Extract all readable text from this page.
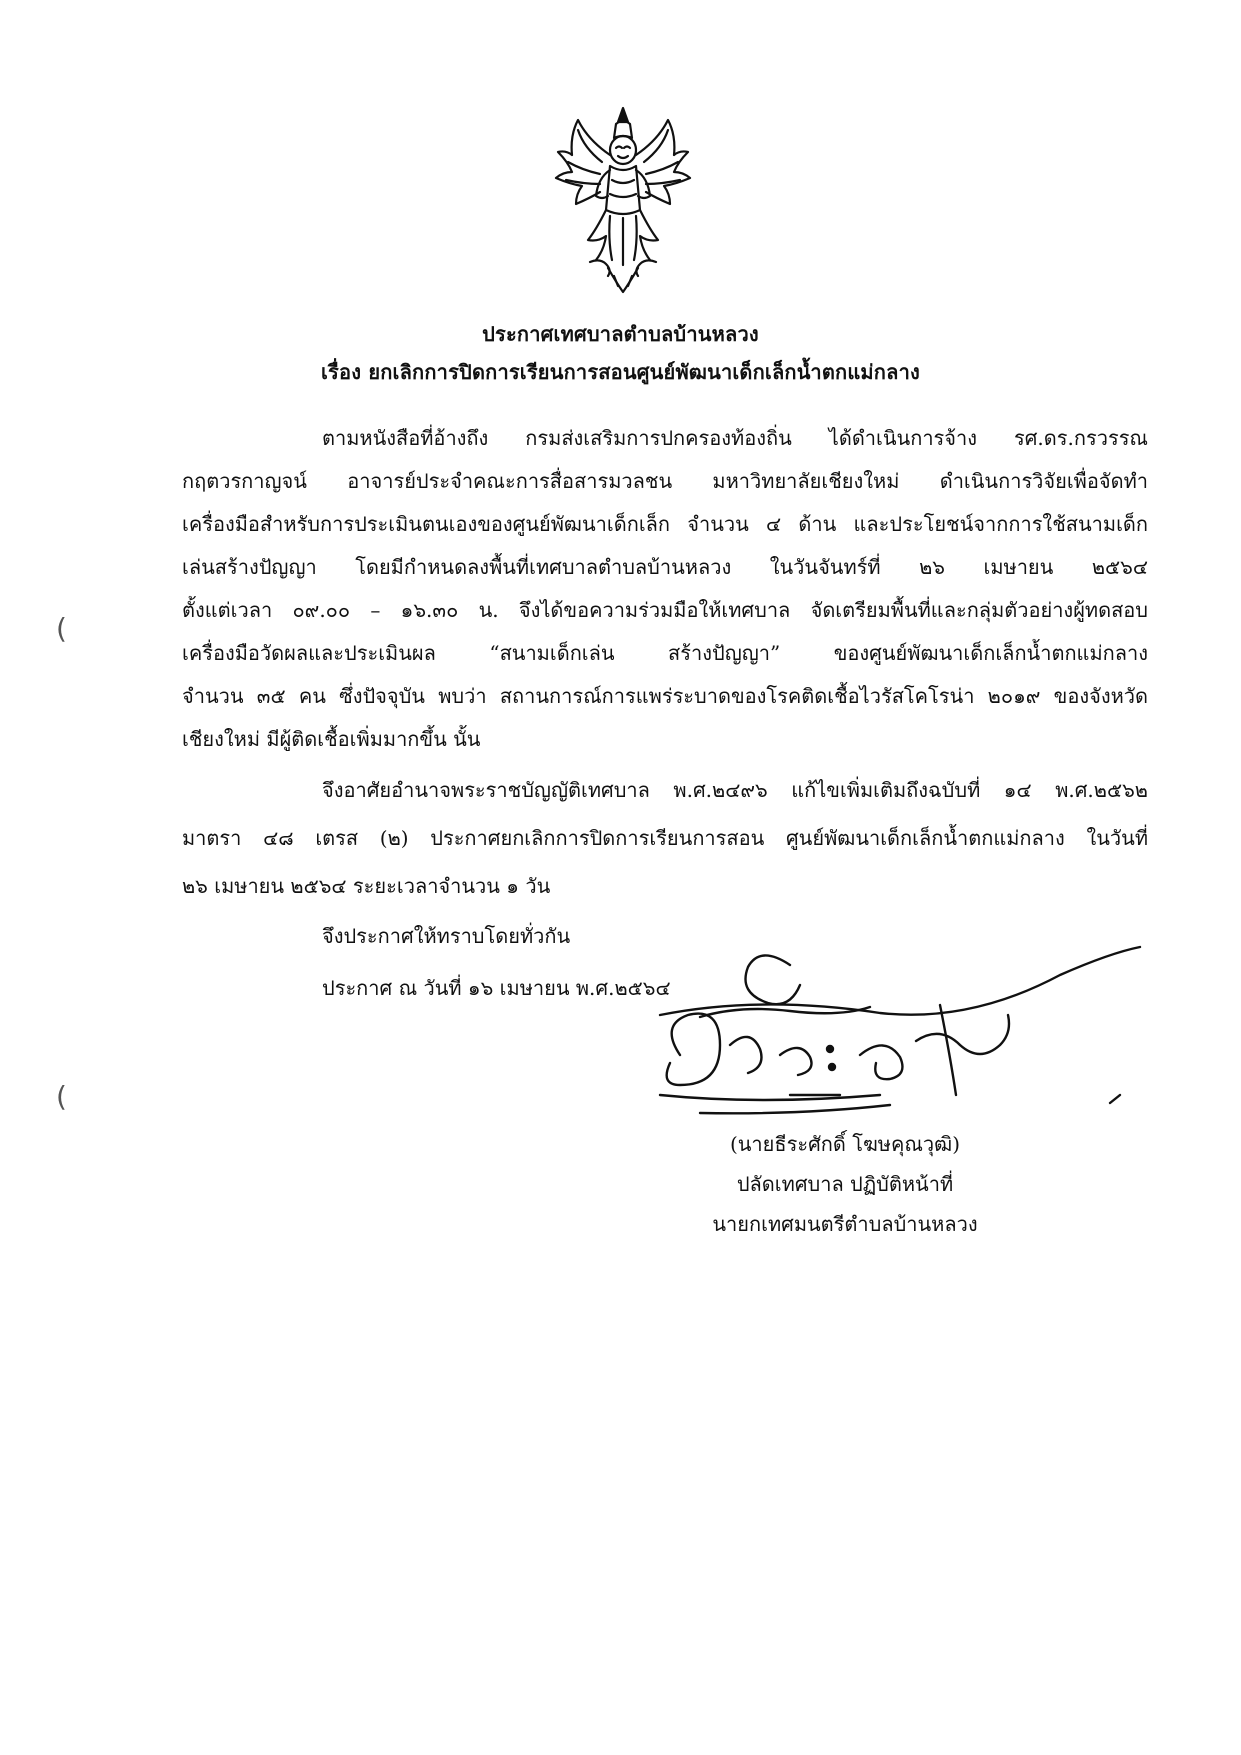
ประกาศเทศบาลตำบลบ้านหลวง
เรื่อง ยกเลิกการปิดการเรียนการสอนศูนย์พัฒนาเด็กเล็กน้ำตกแม่กลาง
ตามหนังสือที่อ้างถึง กรมส่งเสริมการปกครองท้องถิ่น ได้ดำเนินการจ้าง รศ.ดร.กรวรรณ
กฤตวรกาญจน์ อาจารย์ประจำคณะการสื่อสารมวลชน มหาวิทยาลัยเชียงใหม่ ดำเนินการวิจัยเพื่อจัดทำ
เครื่องมือสำหรับการประเมินตนเองของศูนย์พัฒนาเด็กเล็ก จำนวน ๔ ด้าน และประโยชน์จากการใช้สนามเด็ก
เล่นสร้างปัญญา โดยมีกำหนดลงพื้นที่เทศบาลตำบลบ้านหลวง ในวันจันทร์ที่ ๒๖ เมษายน ๒๕๖๔
ตั้งแต่เวลา ๐๙.๐๐ – ๑๖.๓๐ น. จึงได้ขอความร่วมมือให้เทศบาล จัดเตรียมพื้นที่และกลุ่มตัวอย่างผู้ทดสอบ
เครื่องมือวัดผลและประเมินผล “สนามเด็กเล่น สร้างปัญญา” ของศูนย์พัฒนาเด็กเล็กน้ำตกแม่กลาง
จำนวน ๓๕ คน ซึ่งปัจจุบัน พบว่า สถานการณ์การแพร่ระบาดของโรคติดเชื้อไวรัสโคโรน่า ๒๐๑๙ ของจังหวัด
เชียงใหม่ มีผู้ติดเชื้อเพิ่มมากขึ้น นั้น
จึงอาศัยอำนาจพระราชบัญญัติเทศบาล พ.ศ.๒๔๙๖ แก้ไขเพิ่มเติมถึงฉบับที่ ๑๔ พ.ศ.๒๕๖๒
มาตรา ๔๘ เตรส (๒) ประกาศยกเลิกการปิดการเรียนการสอน ศูนย์พัฒนาเด็กเล็กน้ำตกแม่กลาง ในวันที่
๒๖ เมษายน ๒๕๖๔ ระยะเวลาจำนวน ๑ วัน
จึงประกาศให้ทราบโดยทั่วกัน
ประกาศ ณ วันที่ ๑๖ เมษายน พ.ศ.๒๕๖๔
(
(
(นายธีระศักดิ์ โฆษคุณวุฒิ)
ปลัดเทศบาล ปฏิบัติหน้าที่
นายกเทศมนตรีตำบลบ้านหลวง
